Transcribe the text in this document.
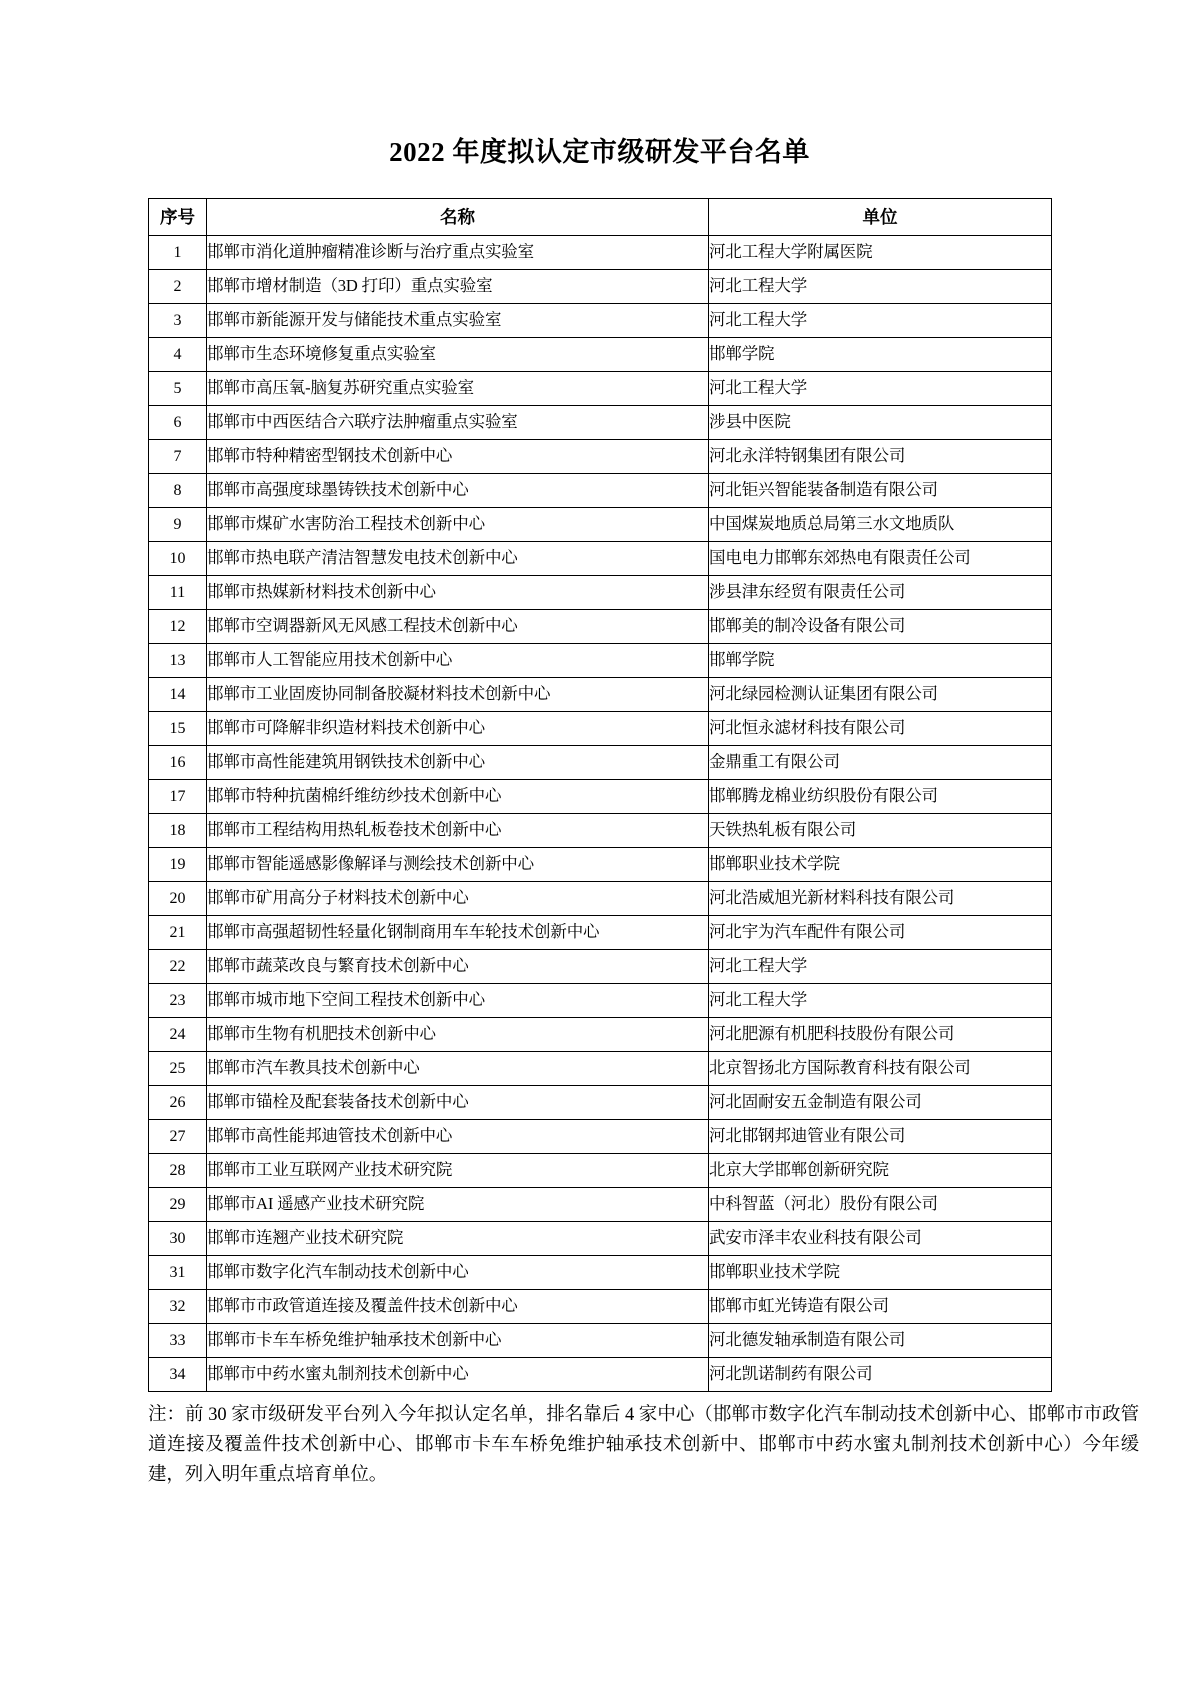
2022 年度拟认定市级研发平台名单
序号	名称	单位
1	邯郸市消化道肿瘤精准诊断与治疗重点实验室	河北工程大学附属医院
2	邯郸市增材制造（3D 打印）重点实验室	河北工程大学
3	邯郸市新能源开发与储能技术重点实验室	河北工程大学
4	邯郸市生态环境修复重点实验室	邯郸学院
5	邯郸市高压氧-脑复苏研究重点实验室	河北工程大学
6	邯郸市中西医结合六联疗法肿瘤重点实验室	涉县中医院
7	邯郸市特种精密型钢技术创新中心	河北永洋特钢集团有限公司
8	邯郸市高强度球墨铸铁技术创新中心	河北钜兴智能装备制造有限公司
9	邯郸市煤矿水害防治工程技术创新中心	中国煤炭地质总局第三水文地质队
10	邯郸市热电联产清洁智慧发电技术创新中心	国电电力邯郸东郊热电有限责任公司
11	邯郸市热媒新材料技术创新中心	涉县津东经贸有限责任公司
12	邯郸市空调器新风无风感工程技术创新中心	邯郸美的制冷设备有限公司
13	邯郸市人工智能应用技术创新中心	邯郸学院
14	邯郸市工业固废协同制备胶凝材料技术创新中心	河北绿园检测认证集团有限公司
15	邯郸市可降解非织造材料技术创新中心	河北恒永滤材科技有限公司
16	邯郸市高性能建筑用钢铁技术创新中心	金鼎重工有限公司
17	邯郸市特种抗菌棉纤维纺纱技术创新中心	邯郸腾龙棉业纺织股份有限公司
18	邯郸市工程结构用热轧板卷技术创新中心	天铁热轧板有限公司
19	邯郸市智能遥感影像解译与测绘技术创新中心	邯郸职业技术学院
20	邯郸市矿用高分子材料技术创新中心	河北浩威旭光新材料科技有限公司
21	邯郸市高强超韧性轻量化钢制商用车车轮技术创新中心	河北宇为汽车配件有限公司
22	邯郸市蔬菜改良与繁育技术创新中心	河北工程大学
23	邯郸市城市地下空间工程技术创新中心	河北工程大学
24	邯郸市生物有机肥技术创新中心	河北肥源有机肥科技股份有限公司
25	邯郸市汽车教具技术创新中心	北京智扬北方国际教育科技有限公司
26	邯郸市锚栓及配套装备技术创新中心	河北固耐安五金制造有限公司
27	邯郸市高性能邦迪管技术创新中心	河北邯钢邦迪管业有限公司
28	邯郸市工业互联网产业技术研究院	北京大学邯郸创新研究院
29	邯郸市AI 遥感产业技术研究院	中科智蓝（河北）股份有限公司
30	邯郸市连翘产业技术研究院	武安市泽丰农业科技有限公司
31	邯郸市数字化汽车制动技术创新中心	邯郸职业技术学院
32	邯郸市市政管道连接及覆盖件技术创新中心	邯郸市虹光铸造有限公司
33	邯郸市卡车车桥免维护轴承技术创新中心	河北德发轴承制造有限公司
34	邯郸市中药水蜜丸制剂技术创新中心	河北凯诺制药有限公司

注：前 30 家市级研发平台列入今年拟认定名单，排名靠后 4 家中心（邯郸市数字化汽车制动技术创新中心、邯郸市市政管道连接及覆盖件技术创新中心、邯郸市卡车车桥免维护轴承技术创新中、邯郸市中药水蜜丸制剂技术创新中心）今年缓建，列入明年重点培育单位。
